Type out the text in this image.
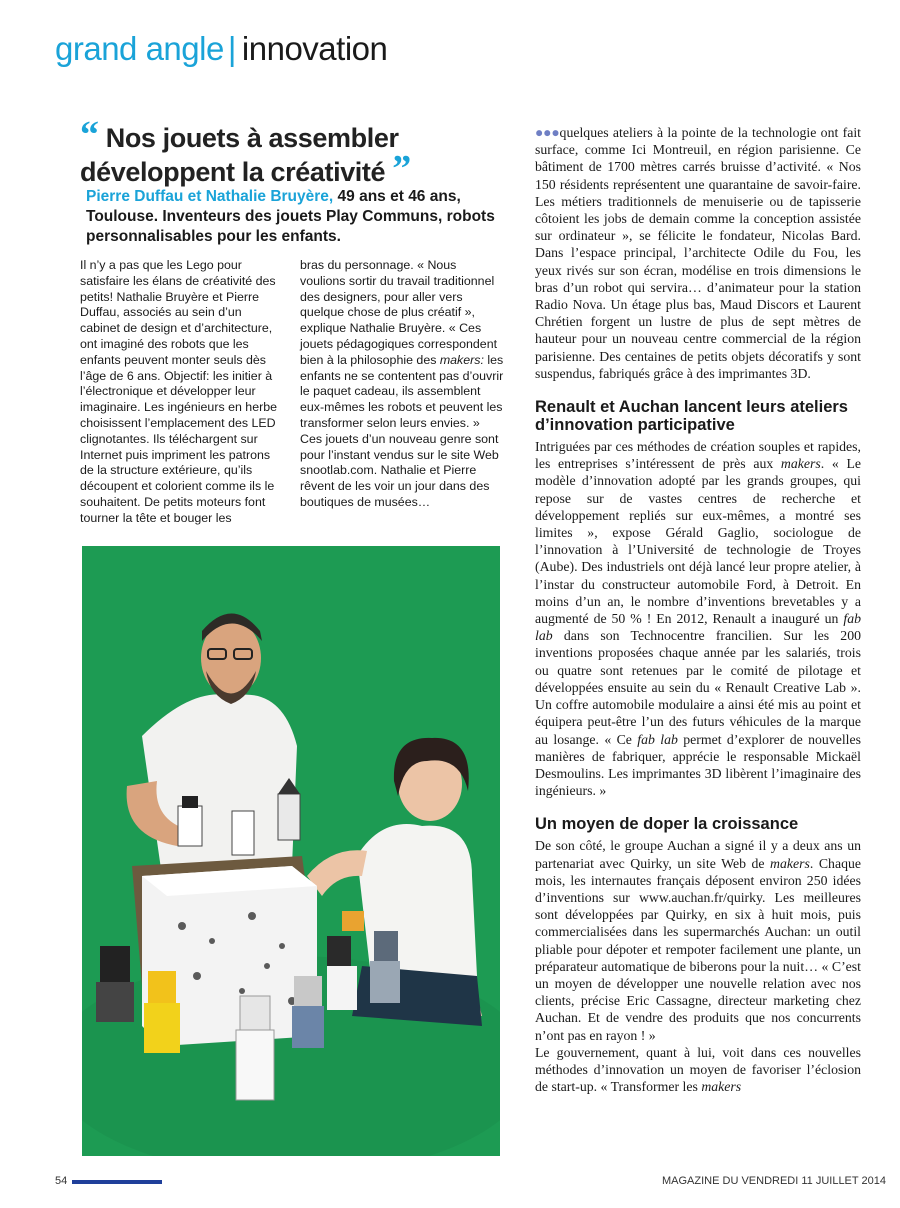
grand angle | innovation
“ Nos jouets à assembler
développent la créativité ”
Pierre Duffau et Nathalie Bruyère, 49 ans et 46 ans, Toulouse. Inventeurs des jouets Play Communs, robots personnalisables pour les enfants.

Il n’y a pas que les Lego pour satisfaire les élans de créativité des petits! Nathalie Bruyère et Pierre Duffau, associés au sein d’un cabinet de design et d’architecture, ont imaginé des robots que les enfants peuvent monter seuls dès l’âge de 6 ans. Objectif: les initier à l’électronique et développer leur imaginaire. Les ingénieurs en herbe choisissent l’emplacement des LED clignotantes. Ils téléchargent sur Internet puis impriment les patrons de la structure extérieure, qu’ils découpent et colorient comme ils le souhaitent. De petits moteurs font tourner la tête et bouger les

bras du personnage. « Nous voulions sortir du travail traditionnel des designers, pour aller vers quelque chose de plus créatif », explique Nathalie Bruyère. « Ces jouets pédagogiques correspondent bien à la philosophie des makers: les enfants ne se contentent pas d’ouvrir le paquet cadeau, ils assemblent eux-mêmes les robots et peuvent les transformer selon leurs envies. » Ces jouets d’un nouveau genre sont pour l’instant vendus sur le site Web snootlab.com. Nathalie et Pierre rêvent de les voir un jour dans des boutiques de musées…

●●●quelques ateliers à la pointe de la technologie ont fait surface, comme Ici Montreuil, en région parisienne. Ce bâtiment de 1700 mètres carrés bruisse d’activité. « Nos 150 résidents représentent une quarantaine de savoir-faire. Les métiers traditionnels de menuiserie ou de tapisserie côtoient les jobs de demain comme la conception assistée sur ordinateur », se félicite le fondateur, Nicolas Bard. Dans l’espace principal, l’architecte Odile du Fou, les yeux rivés sur son écran, modélise en trois dimensions le bras d’un robot qui servira… d’animateur pour la station Radio Nova. Un étage plus bas, Maud Discors et Laurent Chrétien forgent un lustre de plus de sept mètres de hauteur pour un nouveau centre commercial de la région parisienne. Des centaines de petits objets décoratifs y sont suspendus, fabriqués grâce à des imprimantes 3D.

Renault et Auchan lancent leurs ateliers d’innovation participative

Intriguées par ces méthodes de création souples et rapides, les entreprises s’intéressent de près aux makers. « Le modèle d’innovation adopté par les grands groupes, qui repose sur de vastes centres de recherche et développement repliés sur eux-mêmes, a montré ses limites », expose Gérald Gaglio, sociologue de l’innovation à l’Université de technologie de Troyes (Aube). Des industriels ont déjà lancé leur propre atelier, à l’instar du constructeur automobile Ford, à Detroit. En moins d’un an, le nombre d’inventions brevetables y a augmenté de 50 % ! En 2012, Renault a inauguré un fab lab dans son Technocentre francilien. Sur les 200 inventions proposées chaque année par les salariés, trois ou quatre sont retenues par le comité de pilotage et développées ensuite au sein du « Renault Creative Lab ». Un coffre automobile modulaire a ainsi été mis au point et équipera peut-être l’un des futurs véhicules de la marque au losange. « Ce fab lab permet d’explorer de nouvelles manières de fabriquer, apprécie le responsable Mickaël Desmoulins. Les imprimantes 3D libèrent l’imaginaire des ingénieurs. »

Un moyen de doper la croissance

De son côté, le groupe Auchan a signé il y a deux ans un partenariat avec Quirky, un site Web de makers. Chaque mois, les internautes français déposent environ 250 idées d’inventions sur www.auchan.fr/quirky. Les meilleures sont développées par Quirky, en six à huit mois, puis commercialisées dans les supermarchés Auchan: un outil pliable pour dépoter et rempoter facilement une plante, un préparateur automatique de biberons pour la nuit… « C’est un moyen de développer une nouvelle relation avec nos clients, précise Eric Cassagne, directeur marketing chez Auchan. Et de vendre des produits que nos concurrents n’ont pas en rayon ! »

Le gouvernement, quant à lui, voit dans ces nouvelles méthodes d’innovation un moyen de favoriser l’éclosion de start-up. « Transformer les makers

54	MAGAZINE DU VENDREDI 11 JUILLET 2014
